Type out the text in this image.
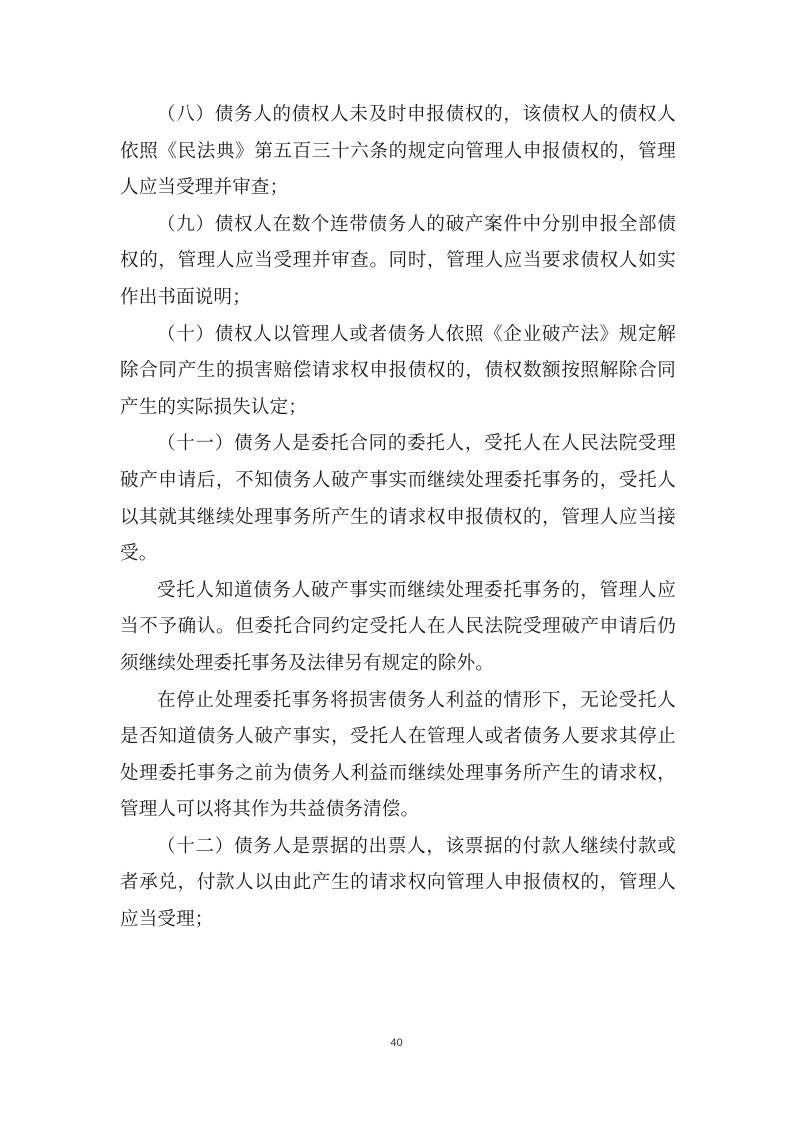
（八）债务人的债权人未及时申报债权的，该债权人的债权人依照《民法典》第五百三十六条的规定向管理人申报债权的，管理人应当受理并审查；

（九）债权人在数个连带债务人的破产案件中分别申报全部债权的，管理人应当受理并审查。同时，管理人应当要求债权人如实作出书面说明；

（十）债权人以管理人或者债务人依照《企业破产法》规定解除合同产生的损害赔偿请求权申报债权的，债权数额按照解除合同产生的实际损失认定；

（十一）债务人是委托合同的委托人，受托人在人民法院受理破产申请后，不知债务人破产事实而继续处理委托事务的，受托人以其就其继续处理事务所产生的请求权申报债权的，管理人应当接受。

受托人知道债务人破产事实而继续处理委托事务的，管理人应当不予确认。但委托合同约定受托人在人民法院受理破产申请后仍须继续处理委托事务及法律另有规定的除外。

在停止处理委托事务将损害债务人利益的情形下，无论受托人是否知道债务人破产事实，受托人在管理人或者债务人要求其停止处理委托事务之前为债务人利益而继续处理事务所产生的请求权，管理人可以将其作为共益债务清偿。

（十二）债务人是票据的出票人，该票据的付款人继续付款或者承兑，付款人以由此产生的请求权向管理人申报债权的，管理人应当受理；

40
